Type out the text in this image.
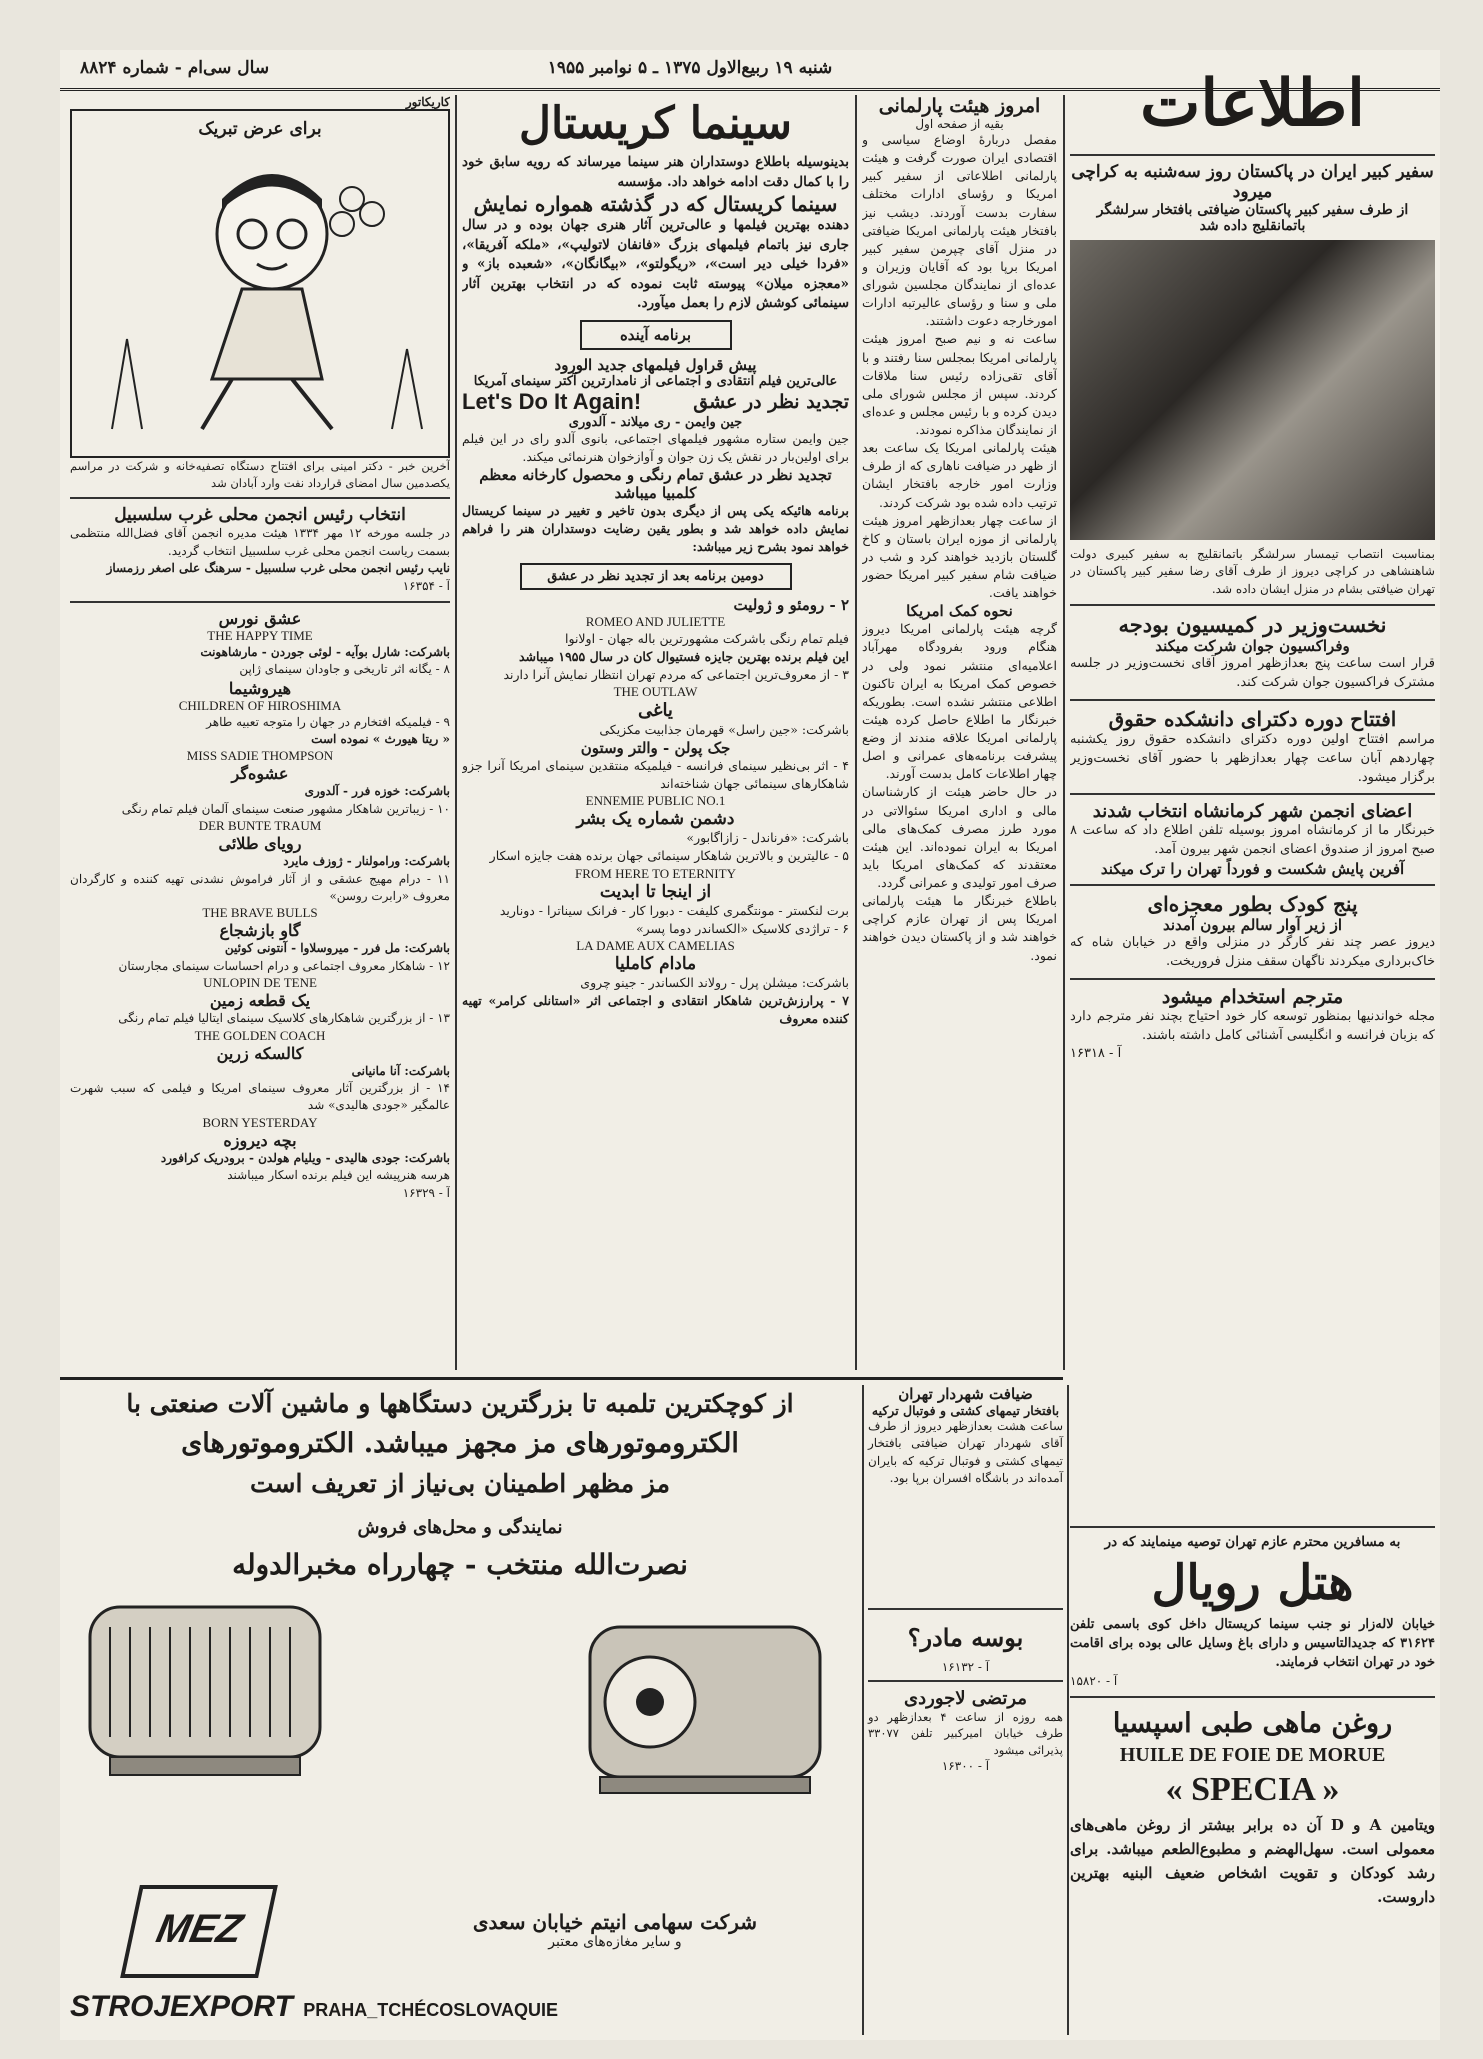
سال سی‌ام - شماره ۸۸۲۴	شنبه ۱۹ ربیع‌الاول ۱۳۷۵ ـ ۵ نوامبر ۱۹۵۵	اطلاعات
سفیر کبیر ایران در پاکستان روز سه‌شنبه به کراچی میرود
از طرف سفیر کبیر پاکستان ضیافتی بافتخار سرلشگر باتمانقلیج داده شد
بمناسبت انتصاب تیمسار سرلشگر باتمانقلیج به سفیر کبیری دولت شاهنشاهی در کراچی دیروز از طرف آقای رضا سفیر کبیر پاکستان در تهران ضیافتی بشام در منزل ایشان داده شد.
نخست‌وزیر در کمیسیون بودجه
وفراکسیون جوان شرکت میکند
قرار است ساعت پنج بعدازظهر امروز آقای نخست‌وزیر در جلسه مشترک فراکسیون جوان شرکت کند.
افتتاح دوره دکترای دانشکده حقوق
مراسم افتتاح اولین دوره دکترای دانشکده حقوق روز یکشنبه چهاردهم آبان ساعت چهار بعدازظهر با حضور آقای نخست‌وزیر برگزار میشود.
اعضای انجمن شهر کرمانشاه انتخاب شدند
خبرنگار ما از کرمانشاه امروز بوسیله تلفن اطلاع داد که ساعت ۸ صبح امروز از صندوق اعضای انجمن شهر بیرون آمد.
آفرین پایش شکست و فورداً تهران را ترک میکند
پنج کودک بطور معجزه‌ای
از زیر آوار سالم بیرون آمدند
دیروز عصر چند نفر کارگر در منزلی واقع در خیابان شاه که خاک‌برداری میکردند ناگهان سقف منزل فروریخت.
مترجم استخدام میشود
مجله خواندنیها بمنظور توسعه کار خود احتیاج بچند نفر مترجم دارد که بزبان فرانسه و انگلیسی آشنائی کامل داشته باشند.
آ - ۱۶۳۱۸
امروز هیئت پارلمانی
بقیه از صفحه اول
مفصل دربارهٔ اوضاع سیاسی و اقتصادی ایران صورت گرفت و هیئت پارلمانی اطلاعاتی از سفیر کبیر امریکا و رؤسای ادارات مختلف سفارت بدست آوردند. دیشب نیز بافتخار هیئت پارلمانی امریکا ضیافتی در منزل آقای چپرمن سفیر کبیر امریکا برپا بود که آقایان وزیران و عده‌ای از نمایندگان مجلسین شورای ملی و سنا و رؤسای عالیرتبه ادارات امورخارجه دعوت داشتند.
ساعت نه و نیم صبح امروز هیئت پارلمانی امریکا بمجلس سنا رفتند و با آقای تقی‌زاده رئیس سنا ملاقات کردند. سپس از مجلس شورای ملی دیدن کرده و با رئیس مجلس و عده‌ای از نمایندگان مذاکره نمودند.
هیئت پارلمانی امریکا یک ساعت بعد از ظهر در ضیافت ناهاری که از طرف وزارت امور خارجه بافتخار ایشان ترتیب داده شده بود شرکت کردند.
از ساعت چهار بعدازظهر امروز هیئت پارلمانی از موزه ایران باستان و کاخ گلستان بازدید خواهند کرد و شب در ضیافت شام سفیر کبیر امریکا حضور خواهند یافت.
نحوه کمک امریکا
گرچه هیئت پارلمانی امریکا دیروز هنگام ورود بفرودگاه مهرآباد اعلامیه‌ای منتشر نمود ولی در خصوص کمک امریکا به ایران تاکنون اطلاعی منتشر نشده است. بطوریکه خبرنگار ما اطلاع حاصل کرده هیئت پارلمانی امریکا علاقه مندند از وضع پیشرفت برنامه‌های عمرانی و اصل چهار اطلاعات کامل بدست آورند.
در حال حاضر هیئت از کارشناسان مالی و اداری امریکا سئوالاتی در مورد طرز مصرف کمک‌های مالی امریکا به ایران نموده‌اند. این هیئت معتقدند که کمک‌های امریکا باید صرف امور تولیدی و عمرانی گردد.
باطلاع خبرنگار ما هیئت پارلمانی امریکا پس از تهران عازم کراچی خواهند شد و از پاکستان دیدن خواهند نمود.
سینما کریستال
بدینوسیله باطلاع دوستداران هنر سینما میرساند که رویه سابق خود را با کمال دقت ادامه خواهد داد. مؤسسه
سینما کریستال که در گذشته همواره نمایش
دهنده بهترین فیلمها و عالی‌ترین آثار هنری جهان بوده و در سال جاری نیز باتمام فیلمهای بزرگ «فانفان لاتولیپ»، «ملکه آفریقا»، «فردا خیلی دیر است»، «ریگولتو»، «بیگانگان»، «شعبده باز» و «معجزه میلان» پیوسته ثابت نموده که در انتخاب بهترین آثار سینمائی کوشش لازم را بعمل میآورد.
برنامه آینده
پیش قراول فیلمهای جدید الورود
عالی‌ترین فیلم انتقادی و اجتماعی از نامدارترین آکتر سینمای آمریکا
تجدید نظر در عشق
Let's Do It Again!
جین وایمن - ری میلاند - آلدوری
جین وایمن ستاره مشهور فیلمهای اجتماعی، بانوی آلدو رای در این فیلم برای اولین‌بار در نقش یک زن جوان و آوازخوان هنرنمائی میکند.
تجدید نظر در عشق تمام رنگی و محصول کارخانه معظم کلمبیا میباشد
برنامه هائیکه یکی پس از دیگری بدون تاخیر و تغییر در سینما کریستال نمایش داده خواهد شد و بطور یقین رضایت دوستداران هنر را فراهم خواهد نمود بشرح زیر میباشد:
دومین برنامه بعد از تجدید نظر در عشق
۲ - رومئو و ژولیت
ROMEO AND JULIETTE
فیلم تمام رنگی باشرکت مشهورترین باله جهان - اولانوا
این فیلم برنده بهترین جایزه فستیوال کان در سال ۱۹۵۵ میباشد
۳ - از معروف‌ترین اجتماعی که مردم تهران انتظار نمایش آنرا دارند
THE OUTLAW
یاغی
باشرکت: «جین راسل» قهرمان جذابیت مکزیکی
جک پولن - والتر وستون
۴ - اثر بی‌نظیر سینمای فرانسه - فیلمیکه منتقدین سینمای امریکا آنرا جزو شاهکارهای سینمائی جهان شناخته‌اند
ENNEMIE PUBLIC NO.1
دشمن شماره یک بشر
باشرکت: «فرناندل - زازاگابور»
۵ - عالیترین و بالاترین شاهکار سینمائی جهان برنده هفت جایزه اسکار
FROM HERE TO ETERNITY
از اینجا تا ابدیت
برت لنکستر - مونتگمری کلیفت - دبورا کار - فرانک سیناترا - دونارید
۶ - تراژدی کلاسیک «الکساندر دوما پسر»
LA DAME AUX CAMELIAS
مادام کاملیا
باشرکت: میشلن پرل - رولاند الکساندر - جینو چروی
۷ - پرارزش‌ترین شاهکار انتقادی و اجتماعی اثر «استانلی کرامر» تهیه کننده معروف
کاریکاتور
برای عرض تبریک
آخرین خبر - دکتر امینی برای افتتاح دستگاه تصفیه‌خانه و شرکت در مراسم یکصدمین سال امضای قرارداد نفت وارد آبادان شد
انتخاب رئیس انجمن محلی غرب سلسبیل
در جلسه مورخه ۱۲ مهر ۱۳۳۴ هیئت مدیره انجمن آقای فضل‌الله منتظمی بسمت ریاست انجمن محلی غرب سلسبیل انتخاب گردید.
نایب رئیس انجمن محلی غرب سلسبیل - سرهنگ علی اصغر رزمساز
آ - ۱۶۳۵۴
عشق نورس
THE HAPPY TIME
باشرکت: شارل بوآیه - لوئی جوردن - مارشاهونت
۸ - یگانه اثر تاریخی و جاودان سینمای ژاپن
هیروشیما
CHILDREN OF HIROSHIMA
۹ - فیلمیکه افتخارم در جهان را متوجه تعبیه طاهر
« ریتا هیورث » نموده است
MISS SADIE THOMPSON
عشوه‌گر
باشرکت: خوزه فرر - آلدوری
۱۰ - زیباترین شاهکار مشهور صنعت سینمای آلمان فیلم تمام رنگی
DER BUNTE TRAUM
رویای طلائی
باشرکت: ورامولنار - ژوزف مایرد
۱۱ - درام مهیج عشقی و از آثار فراموش نشدنی تهیه کننده و کارگردان معروف «رابرت روسن»
THE BRAVE BULLS
گاو بازشجاع
باشرکت: مل فرر - میروسلاوا - آنتونی کوئین
۱۲ - شاهکار معروف اجتماعی و درام احساسات سینمای مجارستان
UNLOPIN DE TENE
یک قطعه زمین
۱۳ - از بزرگترین شاهکارهای کلاسیک سینمای ایتالیا فیلم تمام رنگی
THE GOLDEN COACH
کالسکه زرین
باشرکت: آنا مانیانی
۱۴ - از بزرگترین آثار معروف سینمای امریکا و فیلمی که سبب شهرت عالمگیر «جودی هالیدی» شد
BORN YESTERDAY
بچه دیروزه
باشرکت: جودی هالیدی - ویلیام هولدن - برودریک کرافورد
هرسه هنرپیشه این فیلم برنده اسکار میباشند
آ - ۱۶۳۲۹
از کوچکترین تلمبه تا بزرگترین دستگاهها و ماشین آلات صنعتی با
الکتروموتورهای مز مجهز میباشد. الکتروموتورهای
مز مظهر اطمینان بی‌نیاز از تعریف است
نمایندگی و محل‌های فروش
نصرت‌الله منتخب - چهارراه مخبرالدوله
MEZ	شرکت سهامی انیتم خیابان سعدی
و سایر مغازه‌های معتبر
STROJEXPORT PRAHA_TCHÉCOSLOVAQUIE
ضیافت شهردار تهران
بافتخار تیمهای کشتی و فوتبال ترکیه
ساعت هشت بعدازظهر دیروز از طرف آقای شهردار تهران ضیافتی بافتخار تیمهای کشتی و فوتبال ترکیه که بایران آمده‌اند در باشگاه افسران برپا بود.
بوسه مادر؟
آ - ۱۶۱۳۲
مرتضی لاجوردی
همه روزه از ساعت ۴ بعدازظهر دو طرف خیابان امیرکبیر تلفن ۳۳۰۷۷ پذیرائی میشود
آ - ۱۶۳۰۰
به مسافرین محترم عازم تهران توصیه مینمایند که در
هتل رویال
خیابان لاله‌زار نو جنب سینما کریستال داخل کوی باسمی تلفن ۳۱۶۲۴ که جدیدالتاسیس و دارای باغ وسایل عالی بوده برای اقامت خود در تهران انتخاب فرمایند.
آ - ۱۵۸۲۰
روغن ماهی طبی اسپسیا
HUILE DE FOIE DE MORUE
« SPECIA »
ویتامین A و D آن ده برابر بیشتر از روغن ماهی‌های معمولی است. سهل‌الهضم و مطبوع‌الطعم میباشد. برای رشد کودکان و تقویت اشخاص ضعیف البنیه بهترین داروست.
